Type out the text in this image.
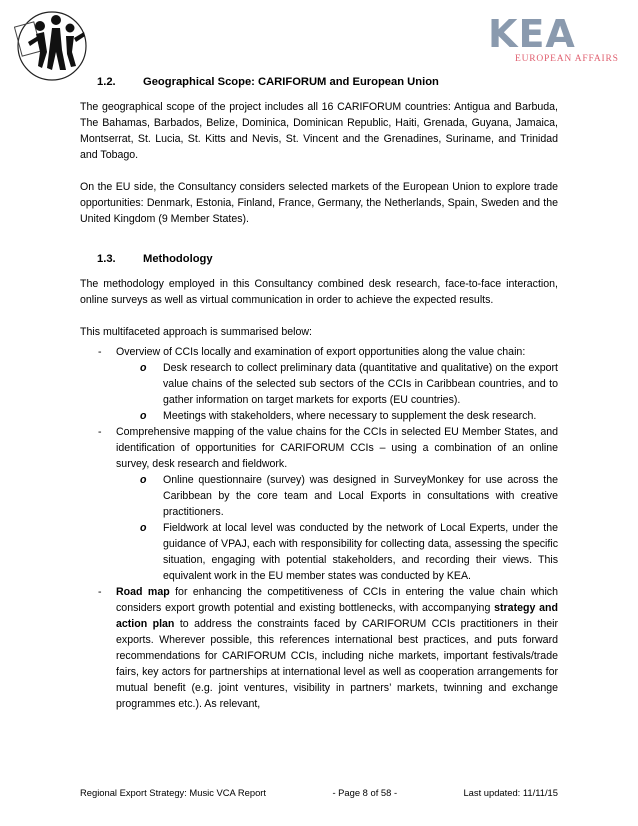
KEA
EUROPEAN AFFAIRS
1.2.	Geographical Scope: CARIFORUM and European Union

The geographical scope of the project includes all 16 CARIFORUM countries: Antigua and Barbuda, The Bahamas, Barbados, Belize, Dominica, Dominican Republic, Haiti, Grenada, Guyana, Jamaica, Montserrat, St. Lucia, St. Kitts and Nevis, St. Vincent and the Grenadines, Suriname, and Trinidad and Tobago.

On the EU side, the Consultancy considers selected markets of the European Union to explore trade opportunities: Denmark, Estonia, Finland, France, Germany, the Netherlands, Spain, Sweden and the United Kingdom (9 Member States).

1.3.	Methodology

The methodology employed in this Consultancy combined desk research, face-to-face interaction, online surveys as well as virtual communication in order to achieve the expected results.

This multifaceted approach is summarised below:

- Overview of CCIs locally and examination of export opportunities along the value chain:
o Desk research to collect preliminary data (quantitative and qualitative) on the export value chains of the selected sub sectors of the CCIs in Caribbean countries, and to gather information on target markets for exports (EU countries).
o Meetings with stakeholders, where necessary to supplement the desk research.
- Comprehensive mapping of the value chains for the CCIs in selected EU Member States, and identification of opportunities for CARIFORUM CCIs – using a combination of an online survey, desk research and fieldwork.
o Online questionnaire (survey) was designed in SurveyMonkey for use across the Caribbean by the core team and Local Exports in consultations with creative practitioners.
o Fieldwork at local level was conducted by the network of Local Experts, under the guidance of VPAJ, each with responsibility for collecting data, assessing the specific situation, engaging with potential stakeholders, and recording their views. This equivalent work in the EU member states was conducted by KEA.
- Road map for enhancing the competitiveness of CCIs in entering the value chain which considers export growth potential and existing bottlenecks, with accompanying strategy and action plan to address the constraints faced by CARIFORUM CCIs practitioners in their exports. Wherever possible, this references international best practices, and puts forward recommendations for CARIFORUM CCIs, including niche markets, important festivals/trade fairs, key actors for partnerships at international level as well as cooperation arrangements for mutual benefit (e.g. joint ventures, visibility in partners’ markets, twinning and exchange programmes etc.). As relevant,
Regional Export Strategy: Music VCA Report	- Page 8 of 58 -	Last updated: 11/11/15
